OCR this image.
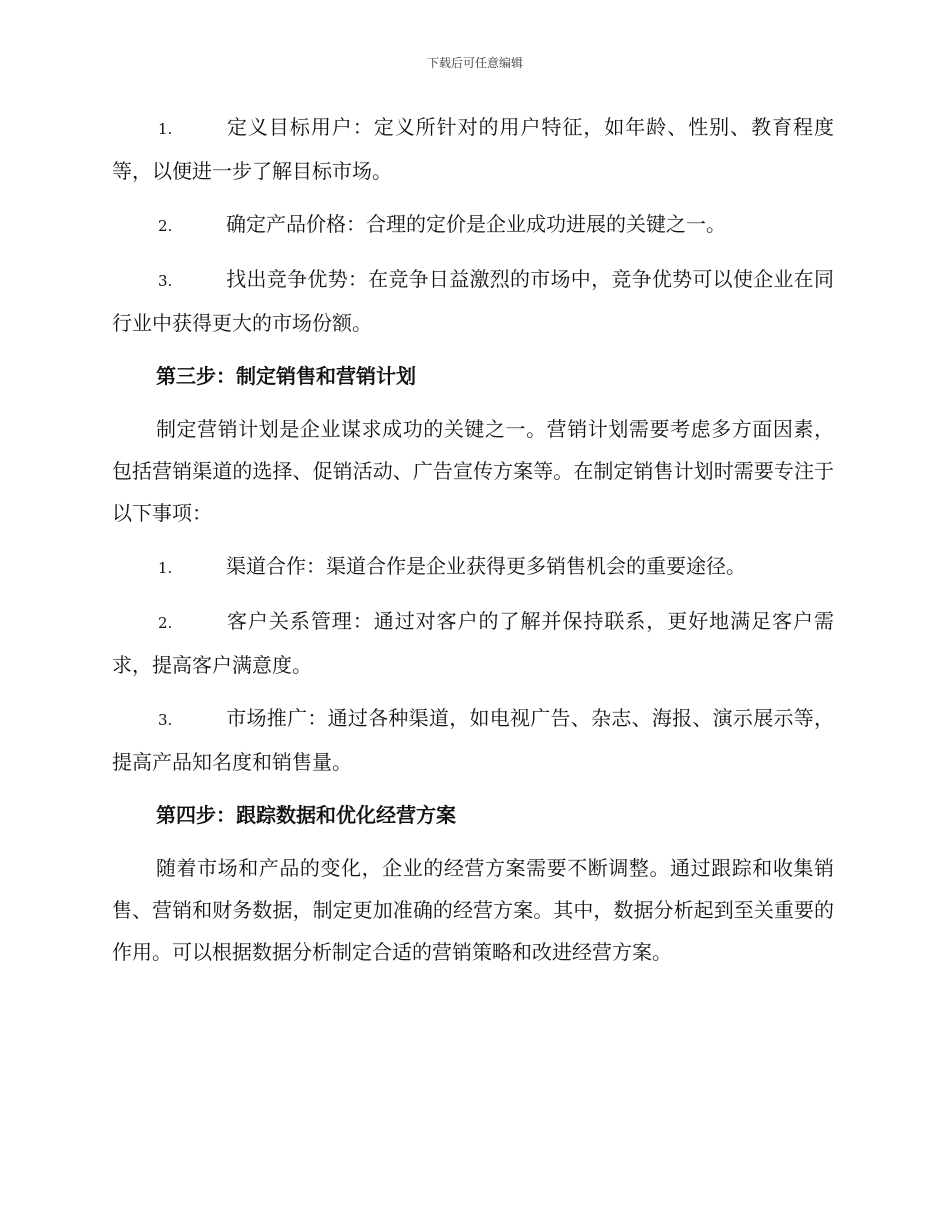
下载后可任意编辑
1.	定义目标用户：定义所针对的用户特征，如年龄、性别、教育程度等，以便进一步了解目标市场。
2.	确定产品价格：合理的定价是企业成功进展的关键之一。
3.	找出竞争优势：在竞争日益激烈的市场中，竞争优势可以使企业在同行业中获得更大的市场份额。
第三步：制定销售和营销计划
制定营销计划是企业谋求成功的关键之一。营销计划需要考虑多方面因素，包括营销渠道的选择、促销活动、广告宣传方案等。在制定销售计划时需要专注于以下事项：
1.	渠道合作：渠道合作是企业获得更多销售机会的重要途径。
2.	客户关系管理：通过对客户的了解并保持联系，更好地满足客户需求，提高客户满意度。
3.	市场推广：通过各种渠道，如电视广告、杂志、海报、演示展示等，提高产品知名度和销售量。
第四步：跟踪数据和优化经营方案
随着市场和产品的变化，企业的经营方案需要不断调整。通过跟踪和收集销售、营销和财务数据，制定更加准确的经营方案。其中，数据分析起到至关重要的作用。可以根据数据分析制定合适的营销策略和改进经营方案。
